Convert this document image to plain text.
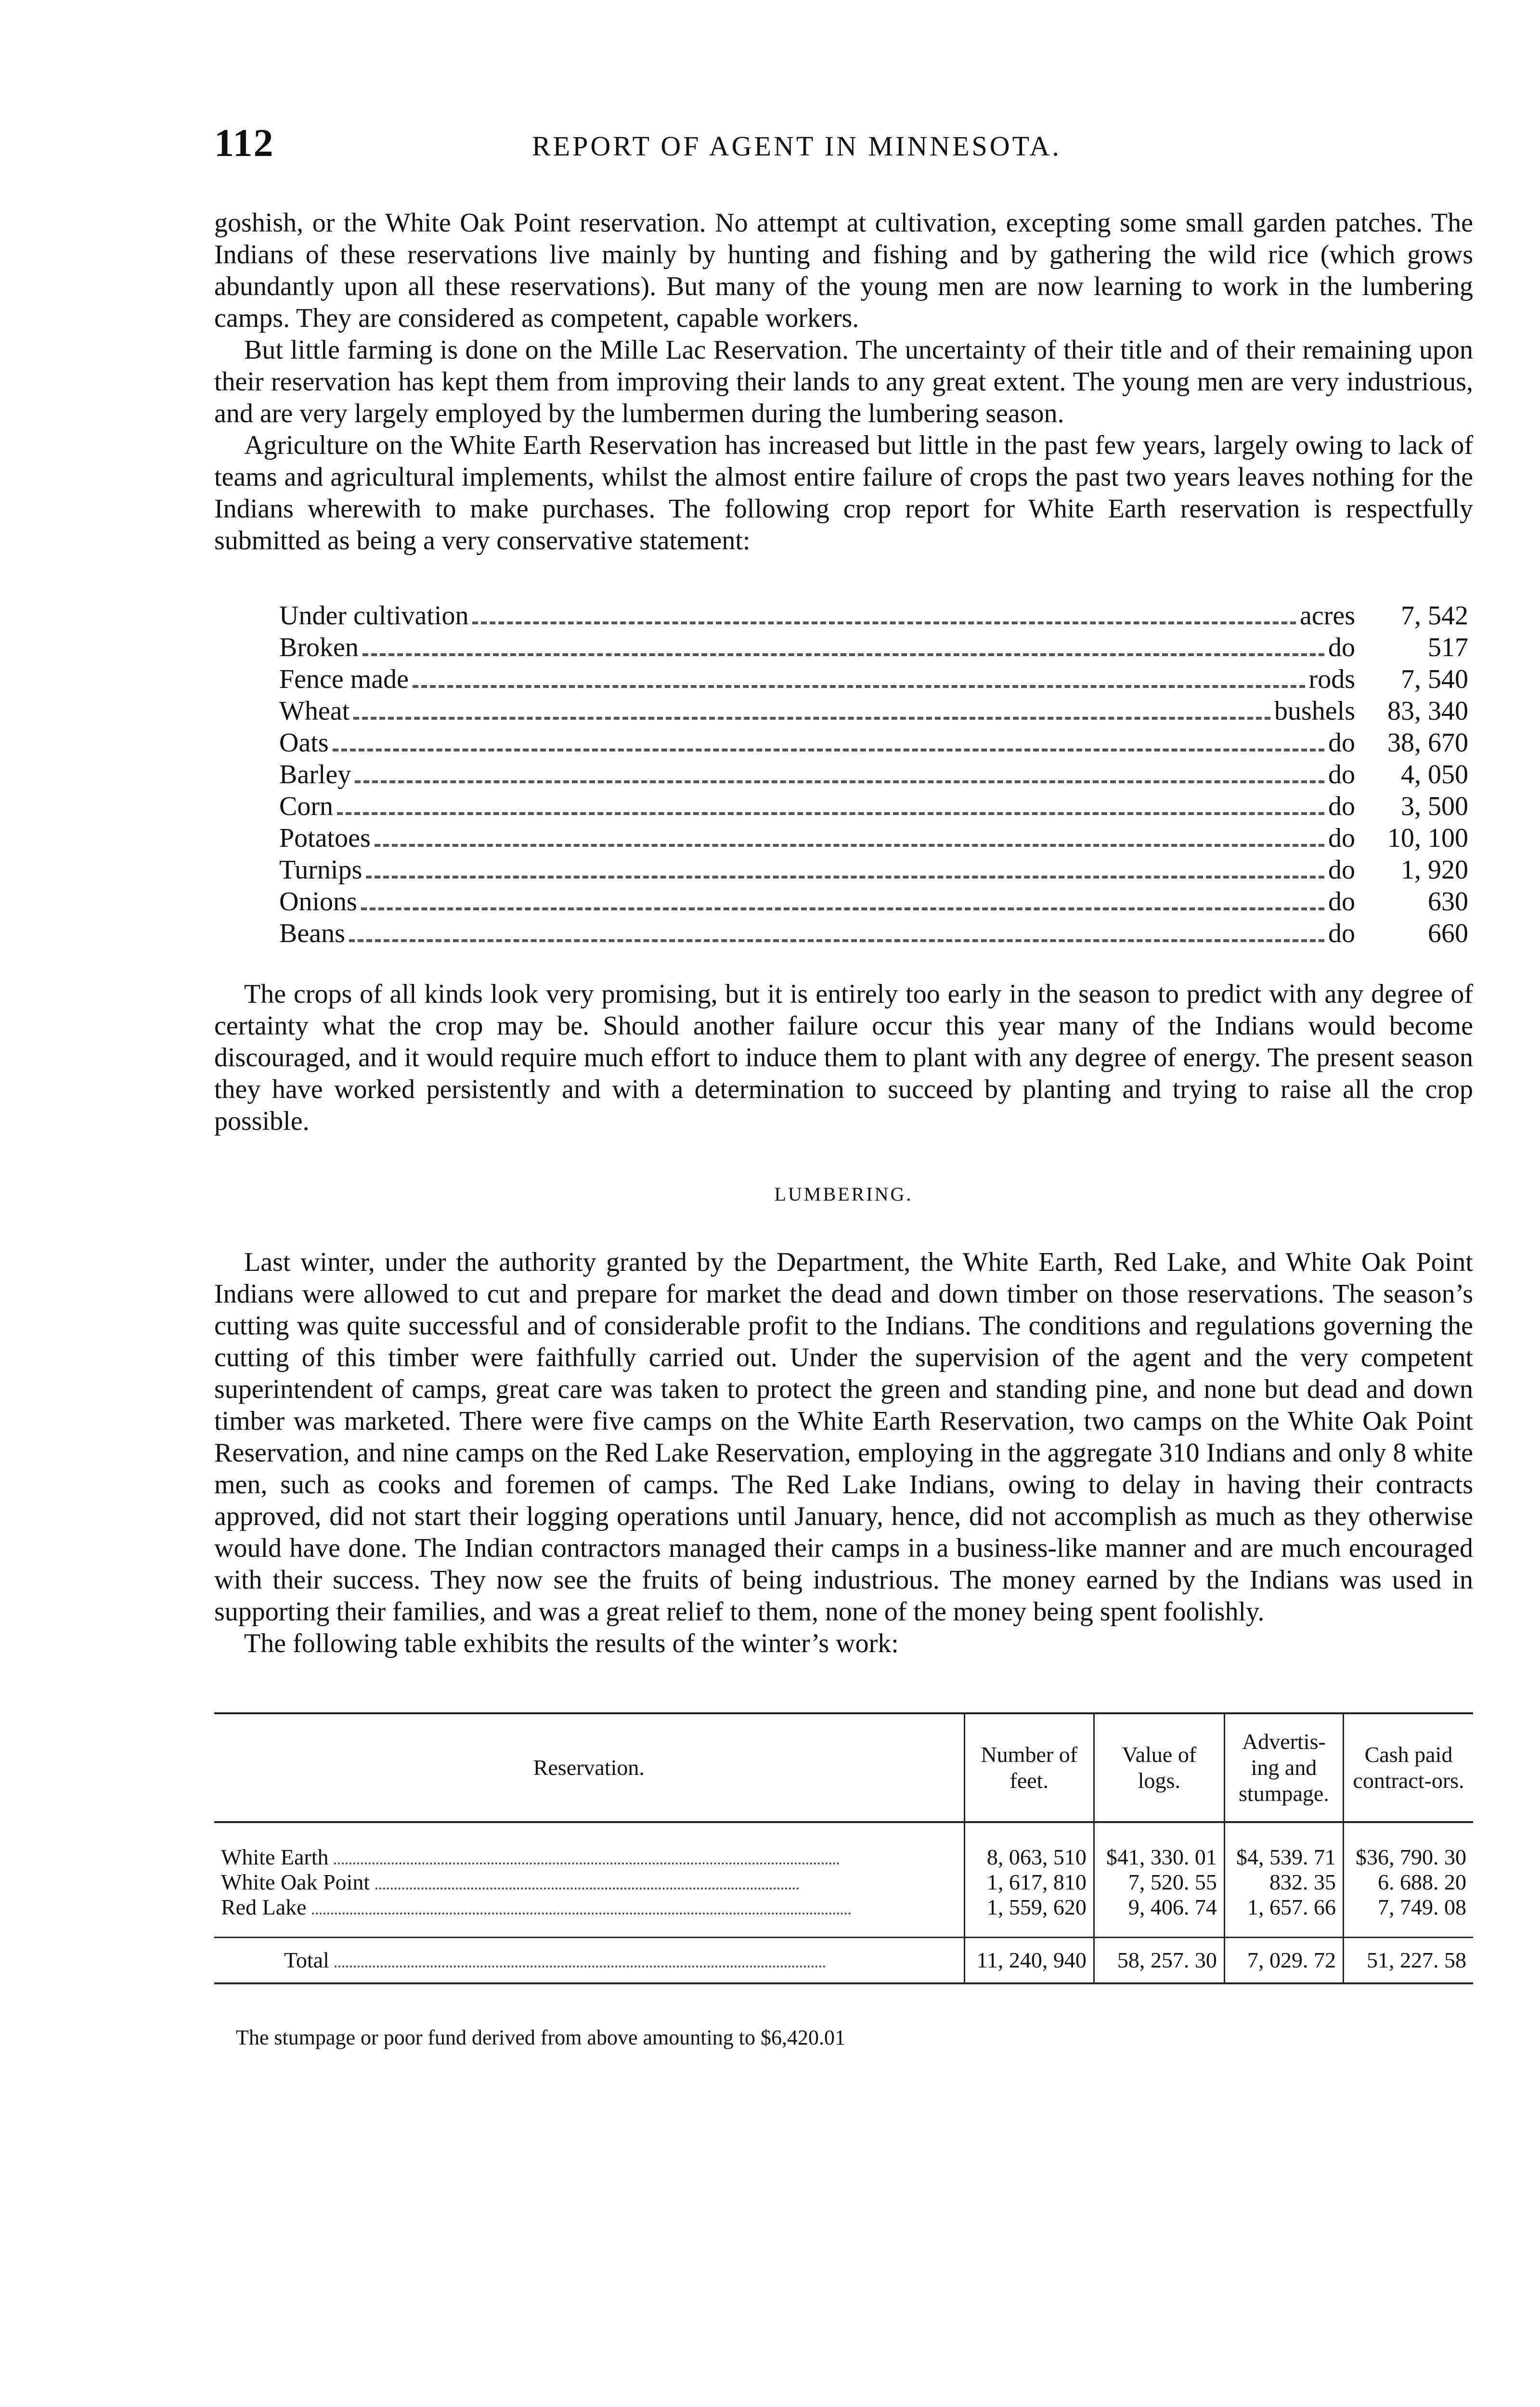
112	REPORT OF AGENT IN MINNESOTA.

goshish, or the White Oak Point reservation. No attempt at cultivation, excepting some small garden patches. The Indians of these reservations live mainly by hunting and fishing and by gathering the wild rice (which grows abundantly upon all these reservations). But many of the young men are now learning to work in the lumbering camps. They are considered as competent, capable workers.

But little farming is done on the Mille Lac Reservation. The uncertainty of their title and of their remaining upon their reservation has kept them from improving their lands to any great extent. The young men are very industrious, and are very largely employed by the lumbermen during the lumbering season.

Agriculture on the White Earth Reservation has increased but little in the past few years, largely owing to lack of teams and agricultural implements, whilst the almost entire failure of crops the past two years leaves nothing for the Indians wherewith to make purchases. The following crop report for White Earth reservation is respectfully submitted as being a very conservative statement:

Under cultivation	acres	7, 542
Broken	do	517
Fence made	rods	7, 540
Wheat	bushels	83, 340
Oats	do	38, 670
Barley	do	4, 050
Corn	do	3, 500
Potatoes	do	10, 100
Turnips	do	1, 920
Onions	do	630
Beans	do	660

The crops of all kinds look very promising, but it is entirely too early in the season to predict with any degree of certainty what the crop may be. Should another failure occur this year many of the Indians would become discouraged, and it would require much effort to induce them to plant with any degree of energy. The present season they have worked persistently and with a determination to succeed by planting and trying to raise all the crop possible.

LUMBERING.

Last winter, under the authority granted by the Department, the White Earth, Red Lake, and White Oak Point Indians were allowed to cut and prepare for market the dead and down timber on those reservations. The season’s cutting was quite successful and of considerable profit to the Indians. The conditions and regulations governing the cutting of this timber were faithfully carried out. Under the supervision of the agent and the very competent superintendent of camps, great care was taken to protect the green and standing pine, and none but dead and down timber was marketed. There were five camps on the White Earth Reservation, two camps on the White Oak Point Reservation, and nine camps on the Red Lake Reservation, employing in the aggregate 310 Indians and only 8 white men, such as cooks and foremen of camps. The Red Lake Indians, owing to delay in having their contracts approved, did not start their logging operations until January, hence, did not accomplish as much as they otherwise would have done. The Indian contractors managed their camps in a business-like manner and are much encouraged with their success. They now see the fruits of being industrious. The money earned by the Indians was used in supporting their families, and was a great relief to them, none of the money being spent foolishly.

The following table exhibits the results of the winter’s work:

Reservation.	Number of feet.	Value of logs.	Advertis-ing and stumpage.	Cash paid contract-ors.
White Earth	8, 063, 510	$41, 330. 01	$4, 539. 71	$36, 790. 30
White Oak Point	1, 617, 810	7, 520. 55	832. 35	6. 688. 20
Red Lake	1, 559, 620	9, 406. 74	1, 657. 66	7, 749. 08
Total	11, 240, 940	58, 257. 30	7, 029. 72	51, 227. 58
The stumpage or poor fund derived from above amounting to $6,420.01
